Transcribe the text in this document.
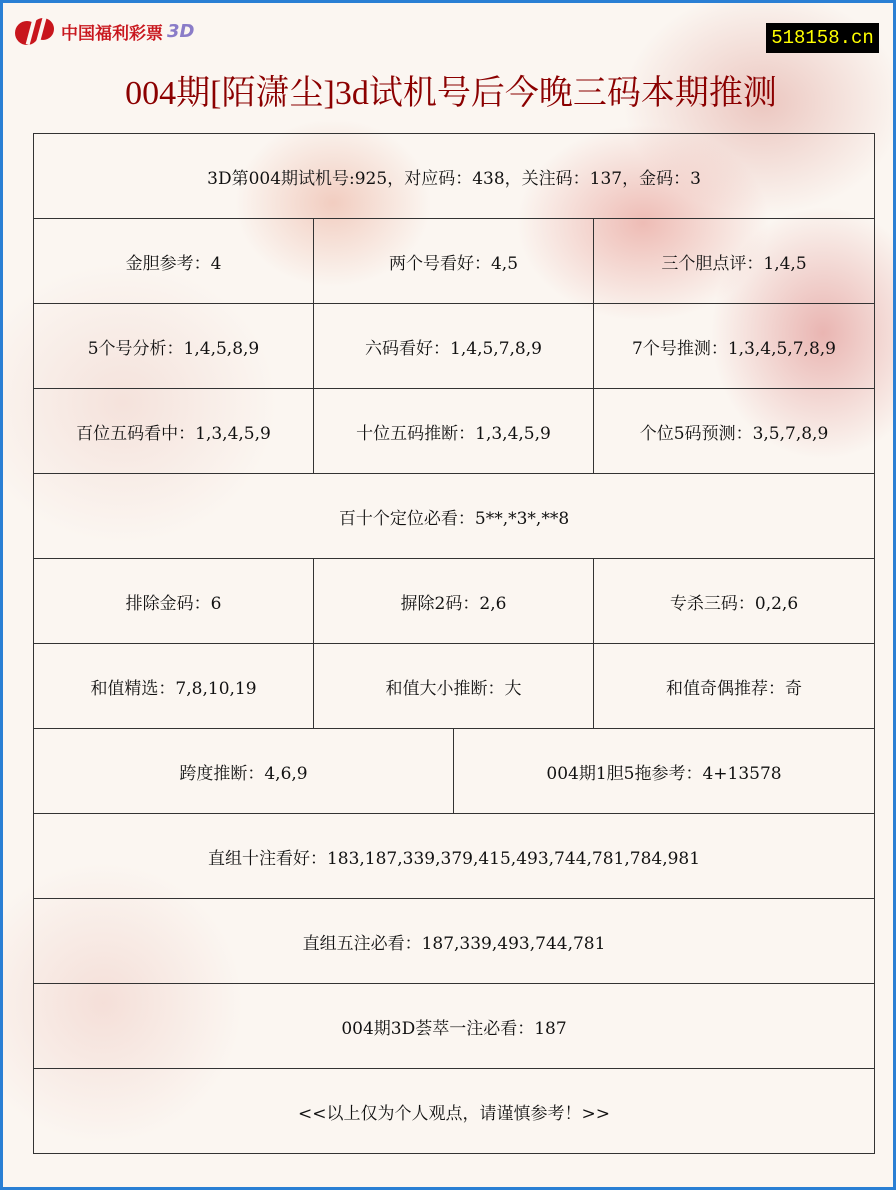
中国福利彩票 3D	518158.cn
004期[陌潇尘]3d试机号后今晚三码本期推测
3D第004期试机号:925，对应码：438，关注码：137，金码：3			
金胆参考：4	两个号看好：4,5		三个胆点评：1,4,5
5个号分析：1,4,5,8,9	六码看好：1,4,5,7,8,9		7个号推测：1,3,4,5,7,8,9
百位五码看中：1,3,4,5,9	十位五码推断：1,3,4,5,9		个位5码预测：3,5,7,8,9
百十个定位必看：5**,*3*,**8			
排除金码：6	摒除2码：2,6		专杀三码：0,2,6
和值精选：7,8,10,19	和值大小推断：大		和值奇偶推荐：奇
跨度推断：4,6,9		004期1胆5拖参考：4+13578	
直组十注看好：183,187,339,379,415,493,744,781,784,981			
直组五注必看：187,339,493,744,781			
004期3D荟萃一注必看：187			
<<以上仅为个人观点，请谨慎参考！>>			
